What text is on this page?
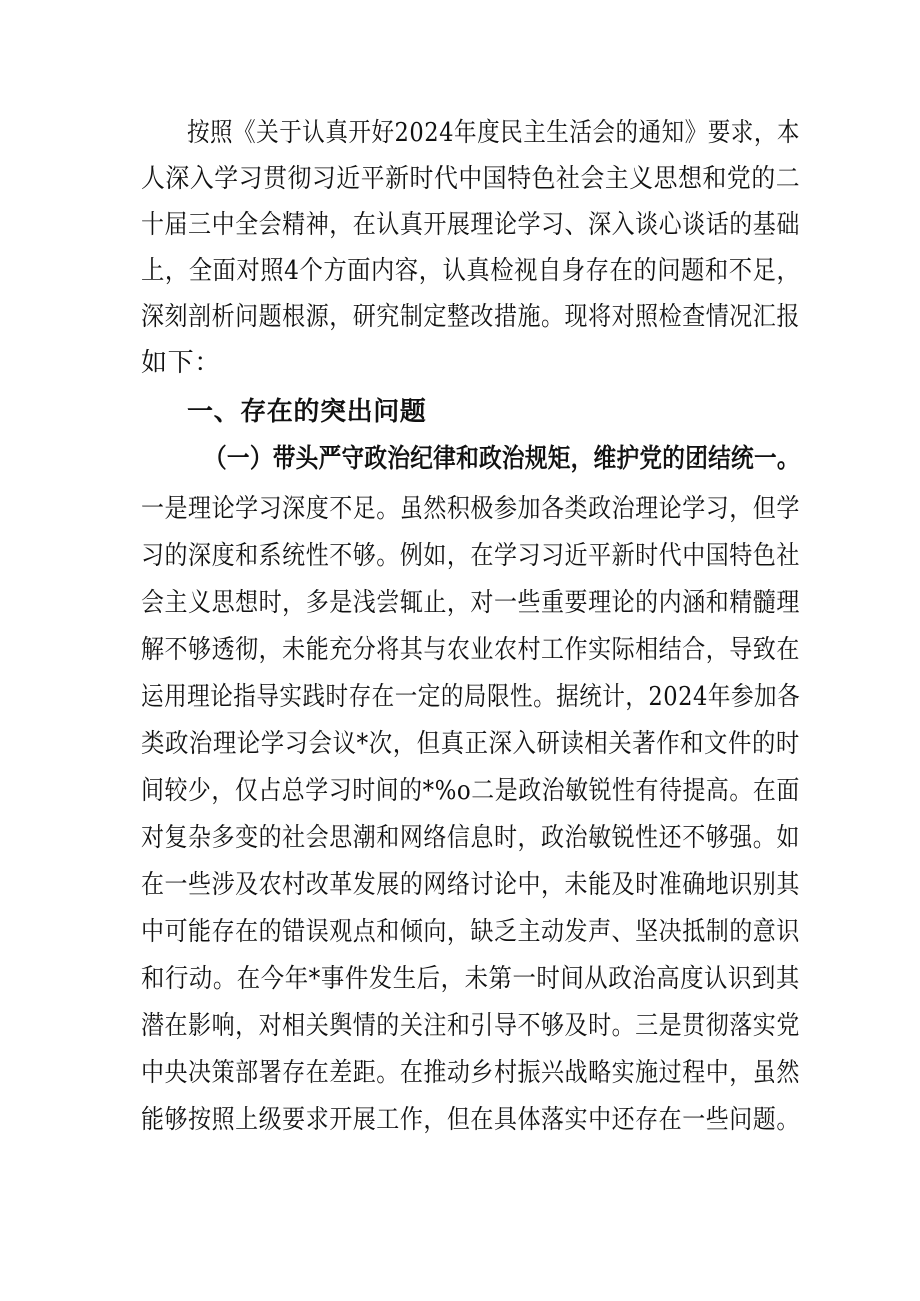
按照《关于认真开好2024年度民主生活会的通知》要求，本
人深入学习贯彻习近平新时代中国特色社会主义思想和党的二
十届三中全会精神，在认真开展理论学习、深入谈心谈话的基础
上，全面对照4个方面内容，认真检视自身存在的问题和不足，
深刻剖析问题根源，研究制定整改措施。现将对照检查情况汇报
如下：
一、存在的突出问题
（一）带头严守政治纪律和政治规矩，维护党的团结统一。
一是理论学习深度不足。虽然积极参加各类政治理论学习，但学
习的深度和系统性不够。例如，在学习习近平新时代中国特色社
会主义思想时，多是浅尝辄止，对一些重要理论的内涵和精髓理
解不够透彻，未能充分将其与农业农村工作实际相结合，导致在
运用理论指导实践时存在一定的局限性。据统计，2024年参加各
类政治理论学习会议*次，但真正深入研读相关著作和文件的时
间较少，仅占总学习时间的*%o二是政治敏锐性有待提高。在面
对复杂多变的社会思潮和网络信息时，政治敏锐性还不够强。如
在一些涉及农村改革发展的网络讨论中，未能及时准确地识别其
中可能存在的错误观点和倾向，缺乏主动发声、坚决抵制的意识
和行动。在今年*事件发生后，未第一时间从政治高度认识到其
潜在影响，对相关舆情的关注和引导不够及时。三是贯彻落实党
中央决策部署存在差距。在推动乡村振兴战略实施过程中，虽然
能够按照上级要求开展工作，但在具体落实中还存在一些问题。
